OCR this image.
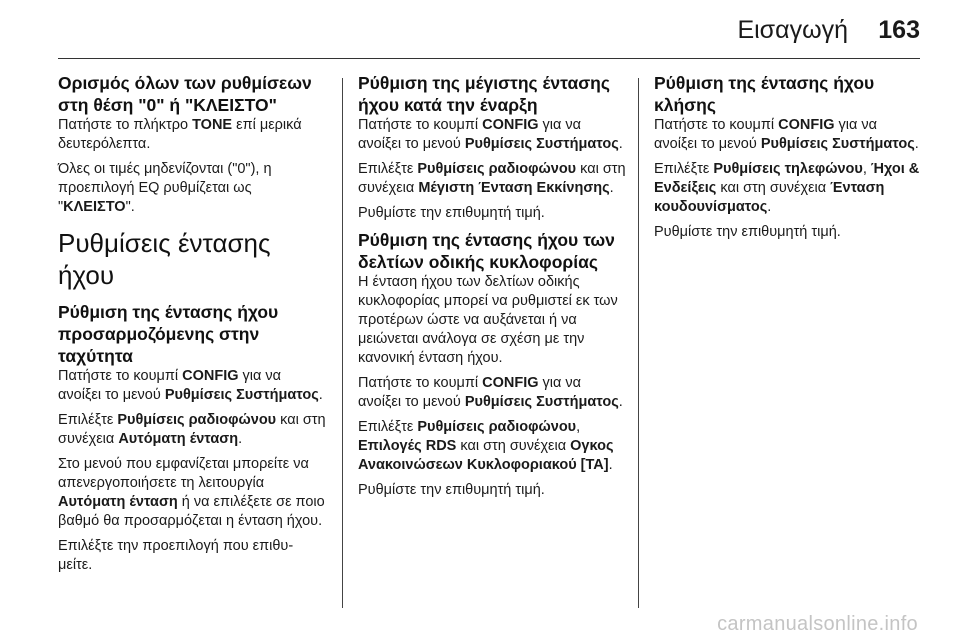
Εισαγωγή 163
Ορισμός όλων των ρυθμίσεων στη θέση "0" ή "ΚΛΕΙΣΤΟ"

Πατήστε το πλήκτρο TONE επί μερικά δευτερόλεπτα.

Όλες οι τιμές μηδενίζονται ("0"), η προεπιλογή EQ ρυθμίζεται ως "ΚΛΕΙΣΤΟ".

Ρυθμίσεις έντασης ήχου
Ρύθμιση της έντασης ήχου προσαρμοζόμενης στην ταχύτητα

Πατήστε το κουμπί CONFIG για να ανοίξει το μενού Ρυθμίσεις Συστήματος.

Επιλέξτε Ρυθμίσεις ραδιοφώνου και στη συνέχεια Αυτόματη ένταση.

Στο μενού που εμφανίζεται μπορείτε να απενεργοποιήσετε τη λειτουργία Αυτόματη ένταση ή να επιλέξετε σε ποιο βαθμό θα προσαρμόζεται η ένταση ήχου.

Επιλέξτε την προεπιλογή που επιθυ- μείτε.

Ρύθμιση της μέγιστης έντασης ήχου κατά την έναρξη

Πατήστε το κουμπί CONFIG για να ανοίξει το μενού Ρυθμίσεις Συστήματος.

Επιλέξτε Ρυθμίσεις ραδιοφώνου και στη συνέχεια Μέγιστη Ένταση Εκκίνησης.

Ρυθμίστε την επιθυμητή τιμή.

Ρύθμιση της έντασης ήχου των δελτίων οδικής κυκλοφορίας

Η ένταση ήχου των δελτίων οδικής κυκλοφορίας μπορεί να ρυθμιστεί εκ των προτέρων ώστε να αυξάνεται ή να μειώνεται ανάλογα σε σχέση με την κανονική ένταση ήχου.

Πατήστε το κουμπί CONFIG για να ανοίξει το μενού Ρυθμίσεις Συστήματος.

Επιλέξτε Ρυθμίσεις ραδιοφώνου, Επιλογές RDS και στη συνέχεια Ογκος Ανακοινώσεων Κυκλοφοριακού [TA].

Ρυθμίστε την επιθυμητή τιμή.

Ρύθμιση της έντασης ήχου κλήσης

Πατήστε το κουμπί CONFIG για να ανοίξει το μενού Ρυθμίσεις Συστήματος.

Επιλέξτε Ρυθμίσεις τηλεφώνου, Ήχοι & Ενδείξεις και στη συνέχεια Ένταση κουδουνίσματος.

Ρυθμίστε την επιθυμητή τιμή.

carmanualsonline.info
